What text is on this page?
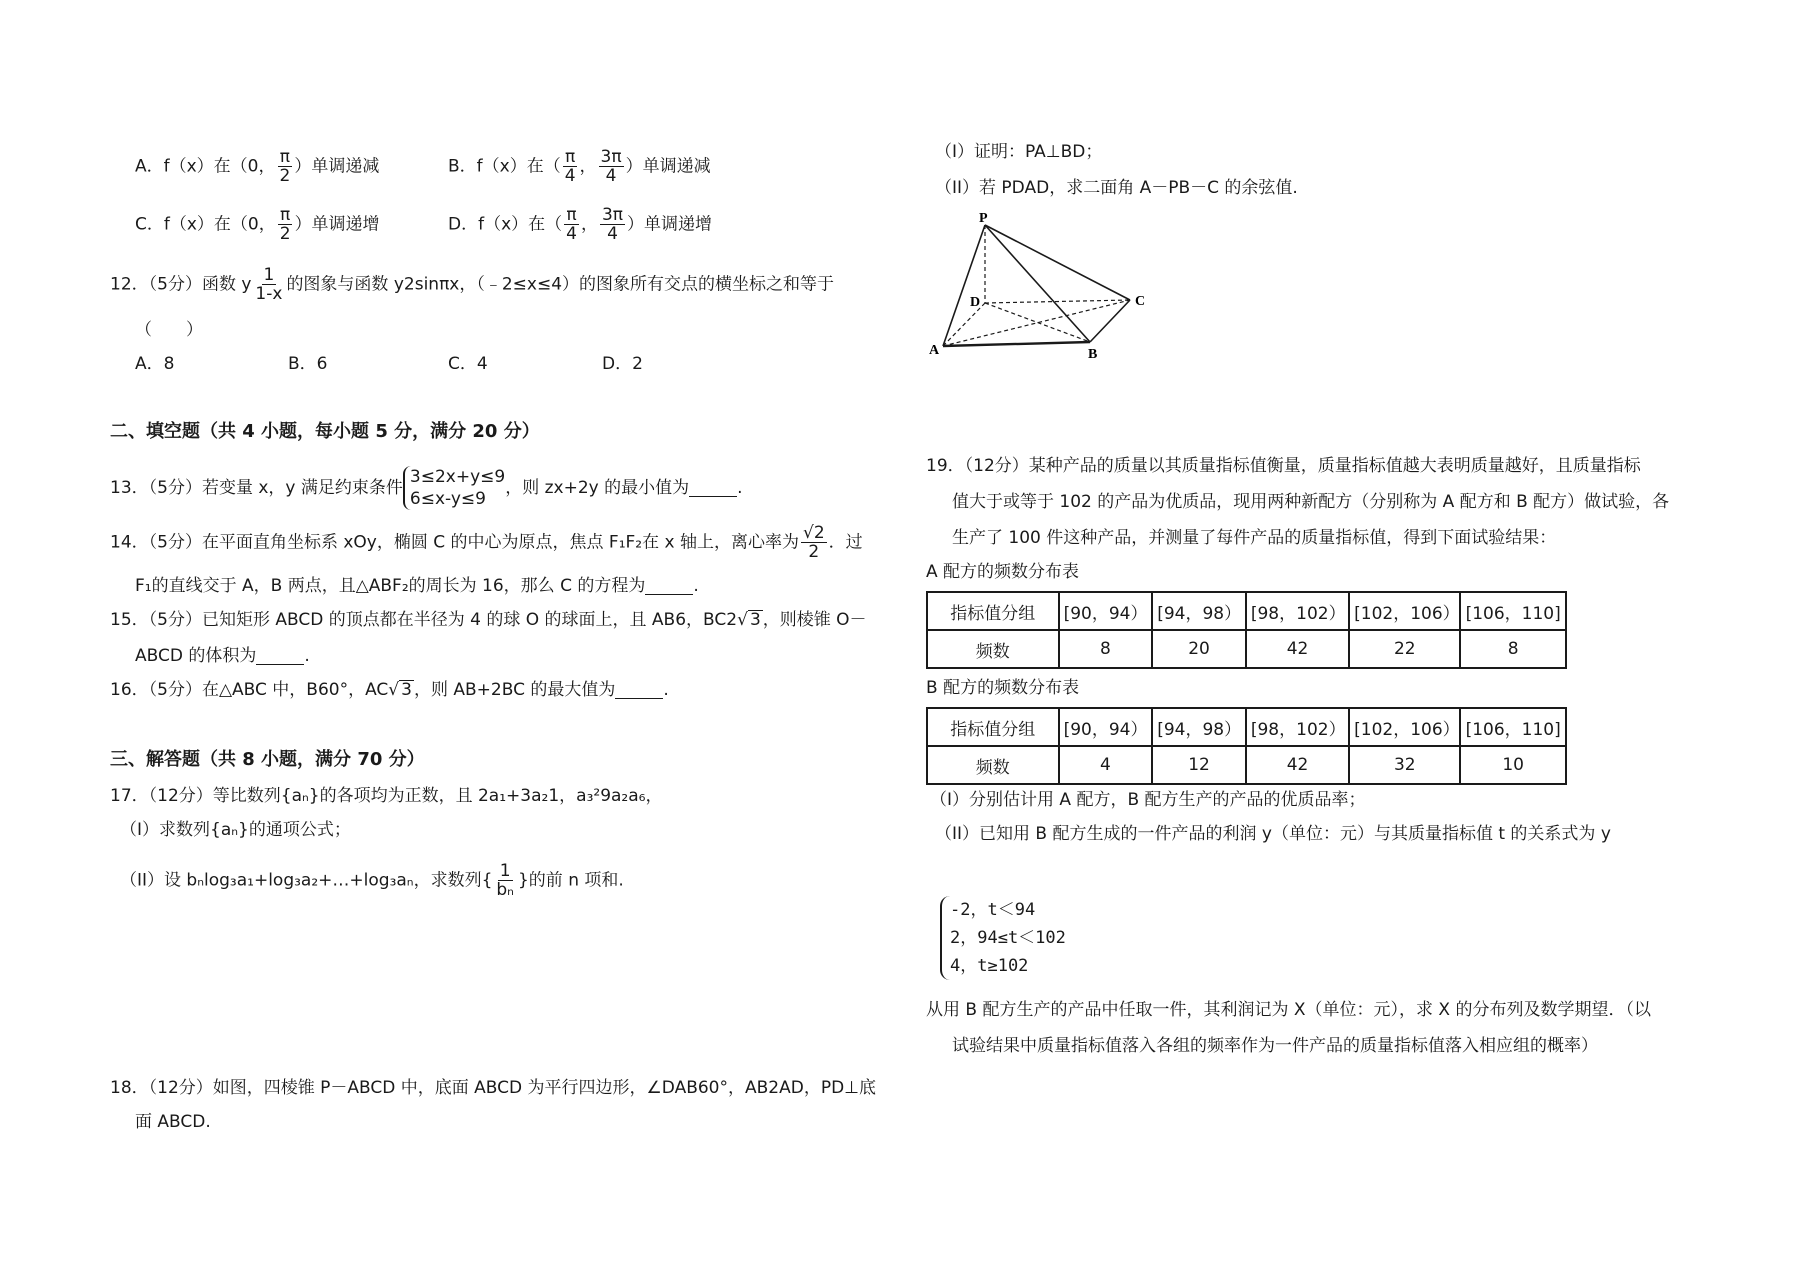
A．f（x）在（0， $\frac{\pi}{2}$ ）单调递减	B．f（x）在（ $\frac{\pi}{4}$ ， $\frac{3\pi}{4}$ ）单调递减
C．f（x）在（0， $\frac{\pi}{2}$ ）单调递增	D．f（x）在（ $\frac{\pi}{4}$ ， $\frac{3\pi}{4}$ ）单调递增
12．（5分）函数 y $\frac{1}{1-x}$ 的图象与函数 y2sinπx，（﹣2≤x≤4）的图象所有交点的横坐标之和等于
（　　）
A．8	B．6	C．4	D．2
二、填空题（共 4 小题，每小题 5 分，满分 20 分）
13．（5分）若变量 x，y 满足约束条件
3≤2x+y≤9
6≤x-y≤9
，则 zx+2y 的最小值为	.
14．（5分）在平面直角坐标系 xOy，椭圆 C 的中心为原点，焦点 F₁F₂在 x 轴上，离心率为 $\frac{√2}{2}$ ．过
F₁的直线交于 A，B 两点，且△ABF₂的周长为 16，那么 C 的方程为	.
15．（5分）已知矩形 ABCD 的顶点都在半径为 4 的球 O 的球面上，且 AB6，BC2√ 3 ，则棱锥 O－
ABCD 的体积为	.
16．（5分）在△ABC 中，B60°，AC√ 3 ，则 AB+2BC 的最大值为	.
三、解答题（共 8 小题，满分 70 分）
17．（12分）等比数列{aₙ}的各项均为正数，且 2a₁+3a₂1，a₃²9a₂a₆，
（I）求数列{aₙ}的通项公式；
（II）设 bₙlog₃a₁+log₃a₂+…+log₃aₙ，求数列{ $\frac{1}{\text{bₙ}}$ }的前 n 项和.
18．（12分）如图，四棱锥 P－ABCD 中，底面 ABCD 为平行四边形，∠DAB60°，AB2AD，PD⊥底
面 ABCD.
（I）证明：PA⊥BD；
（II）若 PDAD，求二面角 A－PB－C 的余弦值.
P
D	C
A	B
19．（12分）某种产品的质量以其质量指标值衡量，质量指标值越大表明质量越好，且质量指标
值大于或等于 102 的产品为优质品，现用两种新配方（分别称为 A 配方和 B 配方）做试验，各
生产了 100 件这种产品，并测量了每件产品的质量指标值，得到下面试验结果：
A 配方的频数分布表
指标值分组	[90，94）	[94，98）	[98，102）	[102，106）	[106，110]
频数	8	20	42	22	8
B 配方的频数分布表
指标值分组	[90，94）	[94，98）	[98，102）	[102，106）	[106，110]
频数	4	12	42	32	10
（Ⅰ）分别估计用 A 配方，B 配方生产的产品的优质品率；
（II）已知用 B 配方生成的一件产品的利润 y（单位：元）与其质量指标值 t 的关系式为 y
-2，t＜94
2，94≤t＜102
4，t≥102
从用 B 配方生产的产品中任取一件，其利润记为 X（单位：元），求 X 的分布列及数学期望．（以
试验结果中质量指标值落入各组的频率作为一件产品的质量指标值落入相应组的概率）
